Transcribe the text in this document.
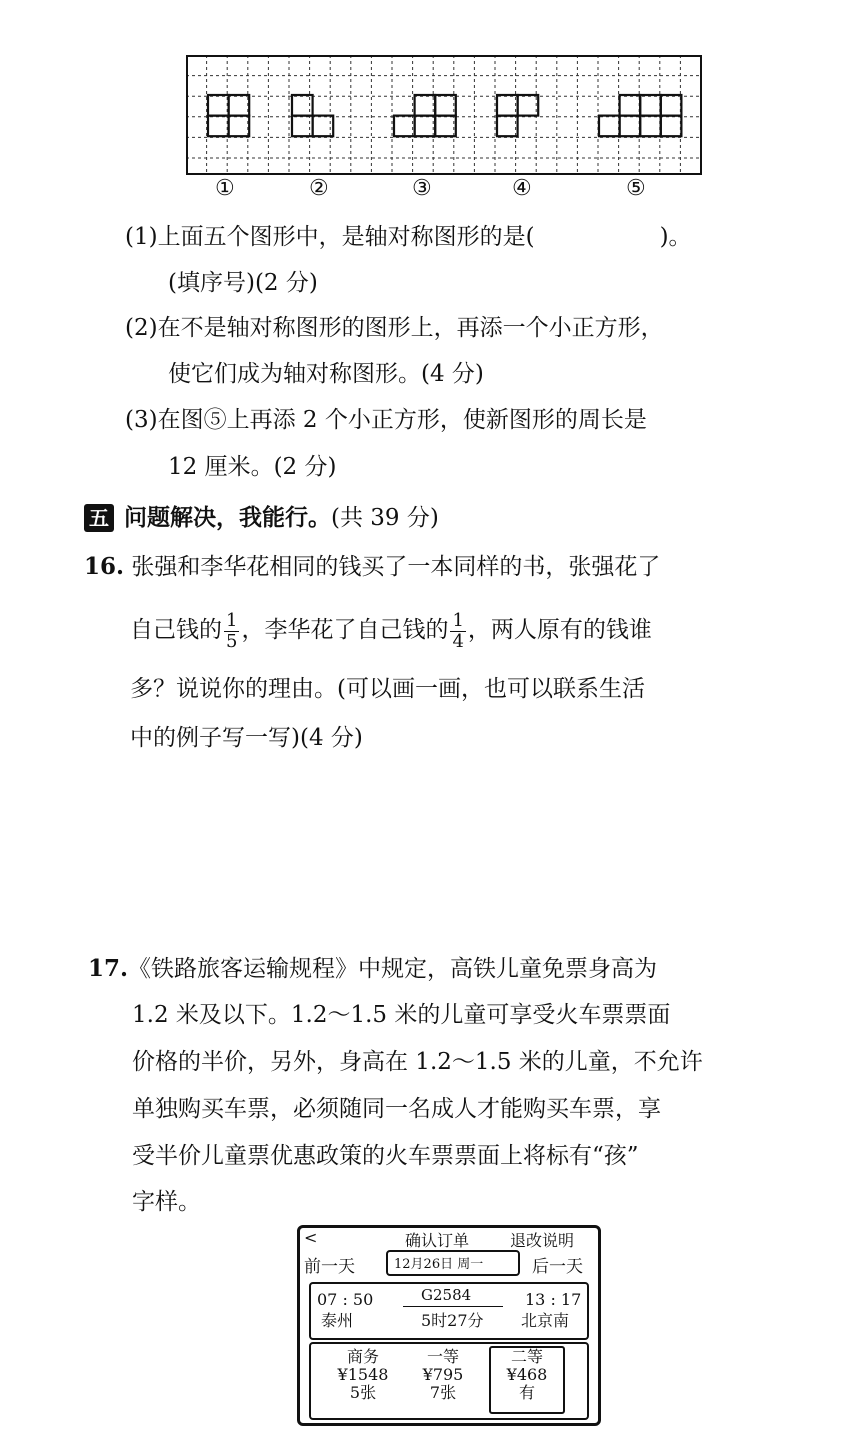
①	②	③	④	⑤
(1)上面五个图形中，是轴对称图形的是(	)。
(填序号)(2 分)
(2)在不是轴对称图形的图形上，再添一个小正方形，
使它们成为轴对称图形。(4 分)
(3)在图⑤上再添 2 个小正方形，使新图形的周长是
12 厘米。(2 分)
五 问题解决，我能行。(共 39 分)
16. 张强和李华花相同的钱买了一本同样的书，张强花了
自己钱的 $\frac{1}{5}$ ，李华花了自己钱的 $\frac{1}{4}$ ，两人原有的钱谁
多？说说你的理由。(可以画一画，也可以联系生活
中的例子写一写)(4 分)
17.《铁路旅客运输规程》中规定，高铁儿童免票身高为
1.2 米及以下。1.2～1.5 米的儿童可享受火车票票面
价格的半价，另外，身高在 1.2～1.5 米的儿童，不允许
单独购买车票，必须随同一名成人才能购买车票，享
受半价儿童票优惠政策的火车票票面上将标有“孩”
字样。
<	确认订单	退改说明
前一天	12月26日 周一	后一天
07 : 50
泰州
G2584
5时27分
13 : 17
北京南
商务
¥1548
5张
一等
¥795
7张
二等
¥468
有
